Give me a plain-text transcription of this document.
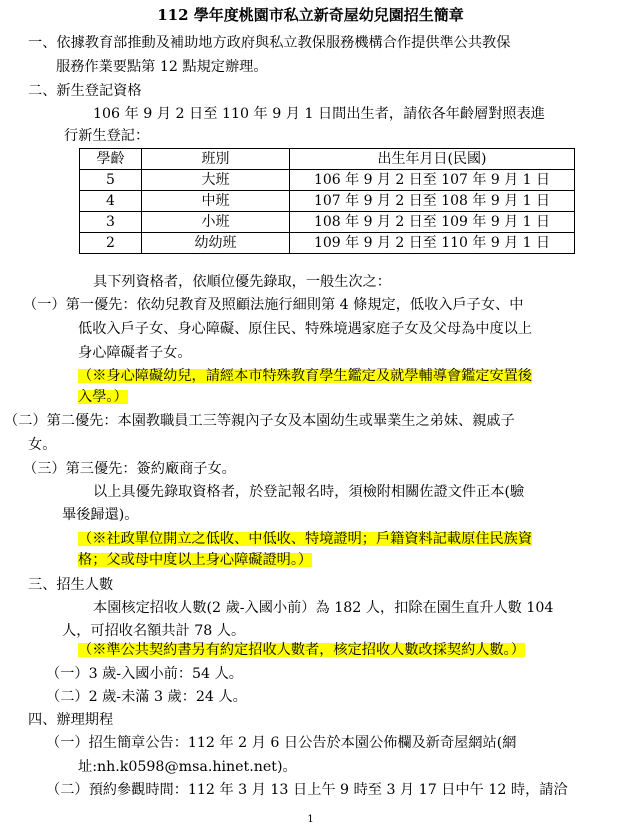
112 學年度桃園市私立新奇屋幼兒園招生簡章
一、依據教育部推動及補助地方政府與私立教保服務機構合作提供準公共教保
服務作業要點第 12 點規定辦理。
二、新生登記資格
106 年 9 月 2 日至 110 年 9 月 1 日間出生者，請依各年齡層對照表進
行新生登記：
學齡	班別	出生年月日(民國)
5	大班	106 年 9 月 2 日至 107 年 9 月 1 日
4	中班	107 年 9 月 2 日至 108 年 9 月 1 日
3	小班	108 年 9 月 2 日至 109 年 9 月 1 日
2	幼幼班	109 年 9 月 2 日至 110 年 9 月 1 日
具下列資格者，依順位優先錄取，一般生次之：
（一）第一優先：依幼兒教育及照顧法施行細則第 4 條規定，低收入戶子女、中
低收入戶子女、身心障礙、原住民、特殊境遇家庭子女及父母為中度以上
身心障礙者子女。
（※身心障礙幼兒，請經本市特殊教育學生鑑定及就學輔導會鑑定安置後
入學。）
（二）第二優先：本園教職員工三等親內子女及本園幼生或畢業生之弟妹、親戚子
女。
（三）第三優先：簽約廠商子女。
以上具優先錄取資格者，於登記報名時，須檢附相關佐證文件正本(驗
畢後歸還)。
（※社政單位開立之低收、中低收、特境證明；戶籍資料記載原住民族資
格；父或母中度以上身心障礙證明。）
三、招生人數
本園核定招收人數(2 歲-入國小前）為 182 人，扣除在園生直升人數 104
人，可招收名額共計 78 人。
（※準公共契約書另有約定招收人數者，核定招收人數改採契約人數。）
（一）3 歲-入國小前：54 人。
（二）2 歲-未滿 3 歲：24 人。
四、辦理期程
（一）招生簡章公告：112 年 2 月 6 日公告於本園公佈欄及新奇屋網站(網
址:nh.k0598@msa.hinet.net)。
（二）預約參觀時間：112 年 3 月 13 日上午 9 時至 3 月 17 日中午 12 時，請洽
1
